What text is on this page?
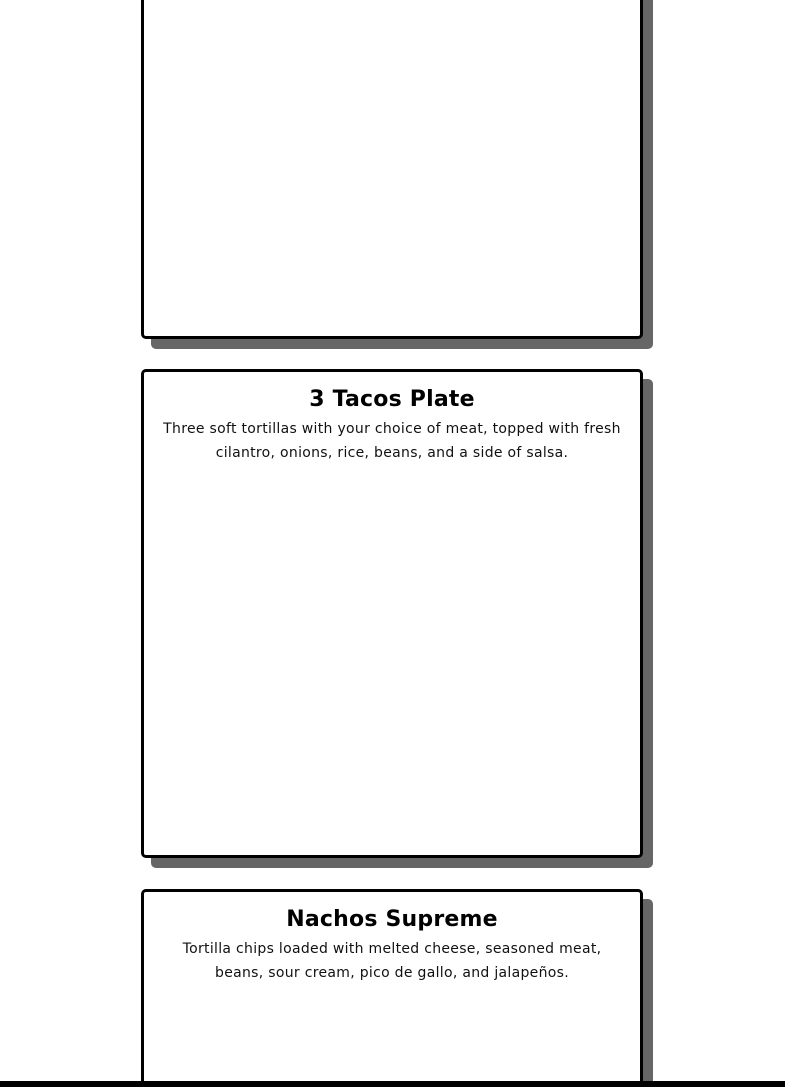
3 Tacos Plate
Three soft tortillas with your choice of meat, topped with fresh cilantro, onions, rice, beans, and a side of salsa.
Nachos Supreme
Tortilla chips loaded with melted cheese, seasoned meat, beans, sour cream, pico de gallo, and jalapeños.
